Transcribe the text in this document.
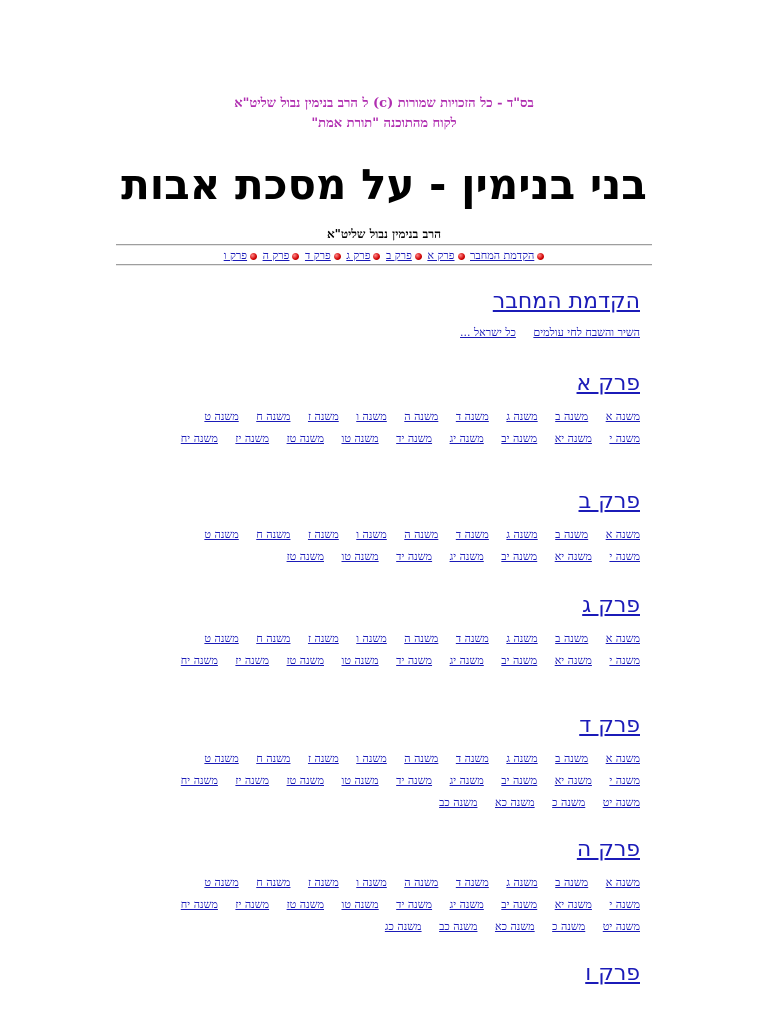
בס"ד - כל הזכויות שמורות (c) ל הרב בנימין נבול שליט"א
לקוח מהתוכנה "תורת אמת"
בני בנימין - על מסכת אבות
הרב בנימין נבול שליט"א
הקדמת המחבר פרק א פרק ב פרק ג פרק ד פרק ה פרק ו
הקדמת המחבר
השיר והשבח לחי עולמים כל ישראל ...
פרק א
משנה א משנה ב משנה ג משנה ד משנה ה משנה ו משנה ז משנה ח משנה ט משנה י משנה יא משנה יב משנה יג משנה יד משנה טו משנה טז משנה יז משנה יח
פרק ב
משנה א משנה ב משנה ג משנה ד משנה ה משנה ו משנה ז משנה ח משנה ט משנה י משנה יא משנה יב משנה יג משנה יד משנה טו משנה טז
פרק ג
משנה א משנה ב משנה ג משנה ד משנה ה משנה ו משנה ז משנה ח משנה ט משנה י משנה יא משנה יב משנה יג משנה יד משנה טו משנה טז משנה יז משנה יח
פרק ד
משנה א משנה ב משנה ג משנה ד משנה ה משנה ו משנה ז משנה ח משנה ט משנה י משנה יא משנה יב משנה יג משנה יד משנה טו משנה טז משנה יז משנה יח משנה יט משנה כ משנה כא משנה כב
פרק ה
משנה א משנה ב משנה ג משנה ד משנה ה משנה ו משנה ז משנה ח משנה ט משנה י משנה יא משנה יב משנה יג משנה יד משנה טו משנה טז משנה יז משנה יח משנה יט משנה כ משנה כא משנה כב משנה כג
פרק ו
